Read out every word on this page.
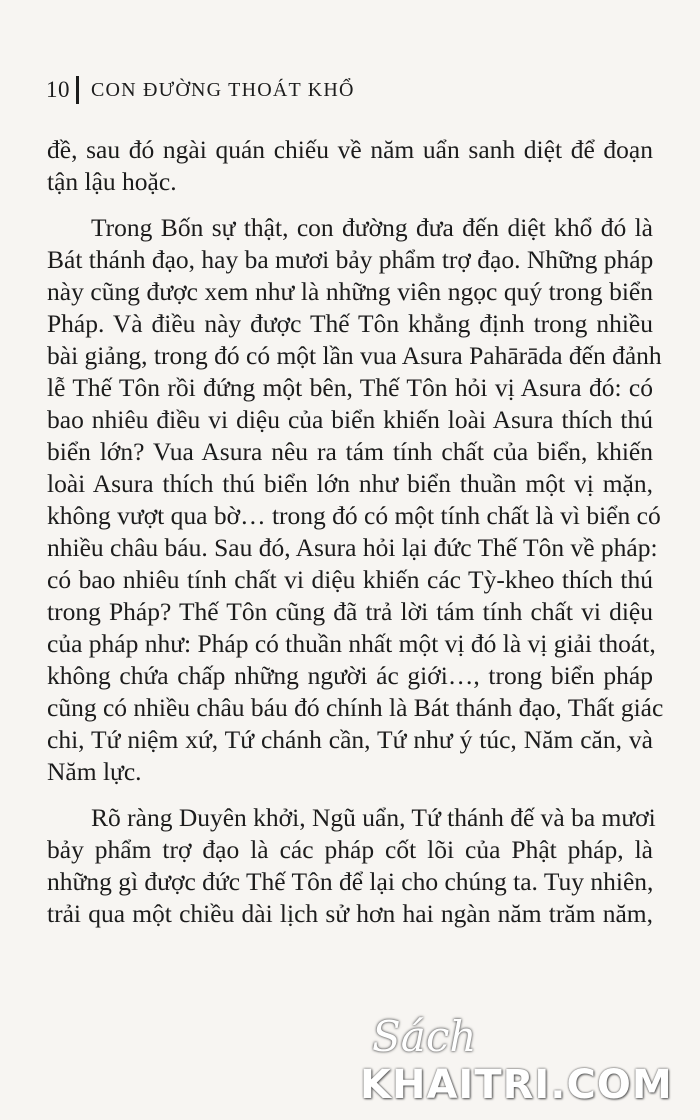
10 CON ĐƯỜNG THOÁT KHỔ
đề, sau đó ngài quán chiếu về năm uẩn sanh diệt để đoạn
tận lậu hoặc.
Trong Bốn sự thật, con đường đưa đến diệt khổ đó là
Bát thánh đạo, hay ba mươi bảy phẩm trợ đạo. Những pháp
này cũng được xem như là những viên ngọc quý trong biển
Pháp. Và điều này được Thế Tôn khẳng định trong nhiều
bài giảng, trong đó có một lần vua Asura Pahārāda đến đảnh
lễ Thế Tôn rồi đứng một bên, Thế Tôn hỏi vị Asura đó: có
bao nhiêu điều vi diệu của biển khiến loài Asura thích thú
biển lớn? Vua Asura nêu ra tám tính chất của biển, khiến
loài Asura thích thú biển lớn như biển thuần một vị mặn,
không vượt qua bờ… trong đó có một tính chất là vì biển có
nhiều châu báu. Sau đó, Asura hỏi lại đức Thế Tôn về pháp:
có bao nhiêu tính chất vi diệu khiến các Tỳ-kheo thích thú
trong Pháp? Thế Tôn cũng đã trả lời tám tính chất vi diệu
của pháp như: Pháp có thuần nhất một vị đó là vị giải thoát,
không chứa chấp những người ác giới…, trong biển pháp
cũng có nhiều châu báu đó chính là Bát thánh đạo, Thất giác
chi, Tứ niệm xứ, Tứ chánh cần, Tứ như ý túc, Năm căn, và
Năm lực.
Rõ ràng Duyên khởi, Ngũ uẩn, Tứ thánh đế và ba mươi
bảy phẩm trợ đạo là các pháp cốt lõi của Phật pháp, là
những gì được đức Thế Tôn để lại cho chúng ta. Tuy nhiên,
trải qua một chiều dài lịch sử hơn hai ngàn năm trăm năm,
Sách
KHAITRI.COM
